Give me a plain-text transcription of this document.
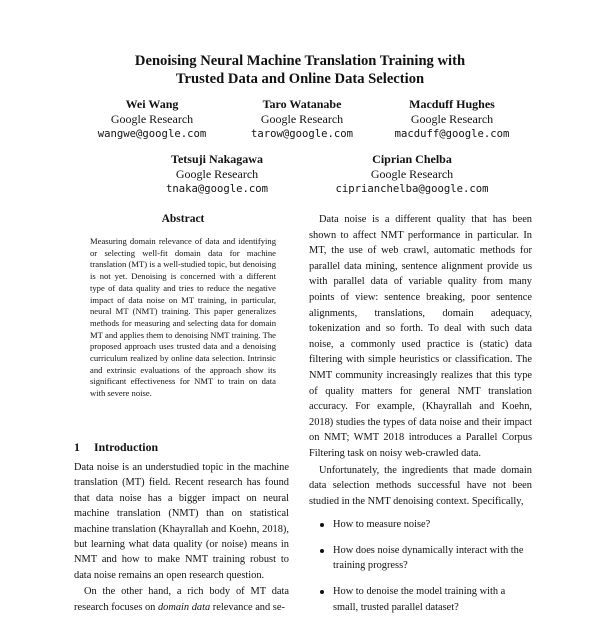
Denoising Neural Machine Translation Training with
Trusted Data and Online Data Selection
Wei Wang
Google Research
wangwe@google.com
Taro Watanabe
Google Research
tarow@google.com
Macduff Hughes
Google Research
macduff@google.com
Tetsuji Nakagawa
Google Research
tnaka@google.com
Ciprian Chelba
Google Research
ciprianchelba@google.com
Abstract
Measuring domain relevance of data and identifying or selecting well-fit domain data for machine translation (MT) is a well-studied topic, but denoising is not yet. Denoising is concerned with a different type of data quality and tries to reduce the negative impact of data noise on MT training, in particular, neural MT (NMT) training. This paper generalizes methods for measuring and selecting data for domain MT and applies them to denoising NMT training. The proposed approach uses trusted data and a denoising curriculum realized by online data selection. Intrinsic and extrinsic evaluations of the approach show its significant effectiveness for NMT to train on data with severe noise.
1 Introduction

Data noise is an understudied topic in the machine translation (MT) field. Recent research has found that data noise has a bigger impact on neural machine translation (NMT) than on statistical machine translation (Khayrallah and Koehn, 2018), but learning what data quality (or noise) means in NMT and how to make NMT training robust to data noise remains an open research question.

On the other hand, a rich body of MT data research focuses on domain data relevance and se-

Data noise is a different quality that has been shown to affect NMT performance in particular. In MT, the use of web crawl, automatic methods for parallel data mining, sentence alignment provide us with parallel data of variable quality from many points of view: sentence breaking, poor sentence alignments, translations, domain adequacy, tokenization and so forth. To deal with such data noise, a commonly used practice is (static) data filtering with simple heuristics or classification. The NMT community increasingly realizes that this type of quality matters for general NMT translation accuracy. For example, (Khayrallah and Koehn, 2018) studies the types of data noise and their impact on NMT; WMT 2018 introduces a Parallel Corpus Filtering task on noisy web-crawled data.

Unfortunately, the ingredients that made domain data selection methods successful have not been studied in the NMT denoising context. Specifically,

How to measure noise?
How does noise dynamically interact with the training progress?
How to denoise the model training with a small, trusted parallel dataset?
